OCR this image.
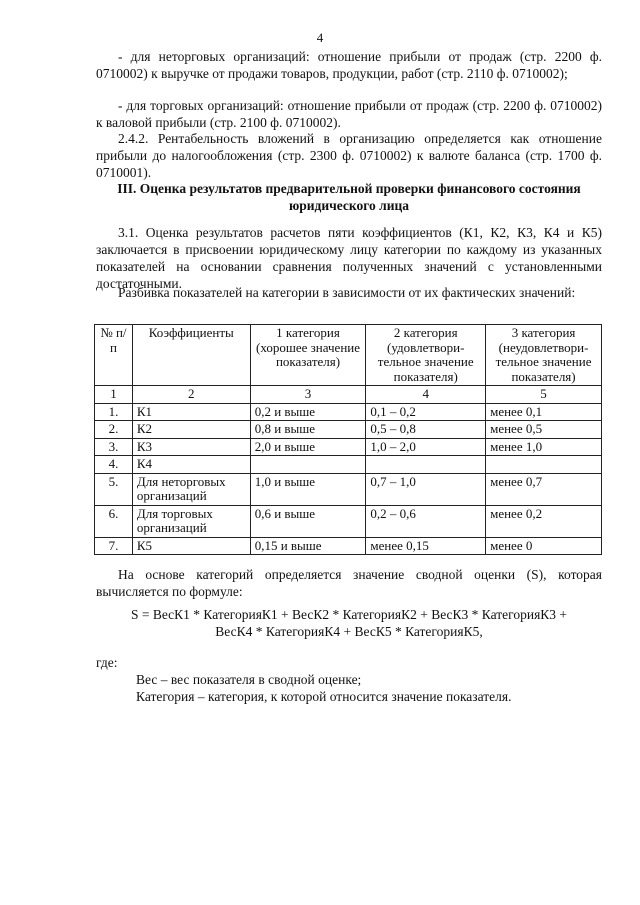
4

- для неторговых организаций: отношение прибыли от продаж (стр. 2200 ф. 0710002) к выручке от продажи товаров, продукции, работ (стр. 2110 ф. 0710002);

- для торговых организаций: отношение прибыли от продаж (стр. 2200 ф. 0710002) к валовой прибыли (стр. 2100 ф. 0710002).

2.4.2. Рентабельность вложений в организацию определяется как отношение прибыли до налогообложения (стр. 2300 ф. 0710002) к валюте баланса (стр. 1700 ф. 0710001).

III. Оценка результатов предварительной проверки финансового состояния юридического лица

3.1. Оценка результатов расчетов пяти коэффициентов (К1, К2, К3, К4 и К5) заключается в присвоении юридическому лицу категории по каждому из указанных показателей на основании сравнения полученных значений с установленными достаточными.

Разбивка показателей на категории в зависимости от их фактических значений:

№ п/п	Коэффициенты	1 категория (хорошее значение показателя)	2 категория (удовлетвори-тельное значение показателя)	3 категория (неудовлетвори-тельное значение показателя)
1	2	3	4	5
1.	К1	0,2 и выше	0,1 – 0,2	менее 0,1
2.	К2	0,8 и выше	0,5 – 0,8	менее 0,5
3.	К3	2,0 и выше	1,0 – 2,0	менее 1,0
4.	К4			
5.	Для неторговых организаций	1,0 и выше	0,7 – 1,0	менее 0,7
6.	Для торговых организаций	0,6 и выше	0,2 – 0,6	менее 0,2
7.	К5	0,15 и выше	менее 0,15	менее 0

На основе категорий определяется значение сводной оценки (S), которая вычисляется по формуле:

S = ВесК1 * КатегорияК1 + ВесК2 * КатегорияК2 + ВесК3 * КатегорияК3 +
ВесК4 * КатегорияК4 + ВесК5 * КатегорияК5,
где:
Вес – вес показателя в сводной оценке;
Категория – категория, к которой относится значение показателя.
